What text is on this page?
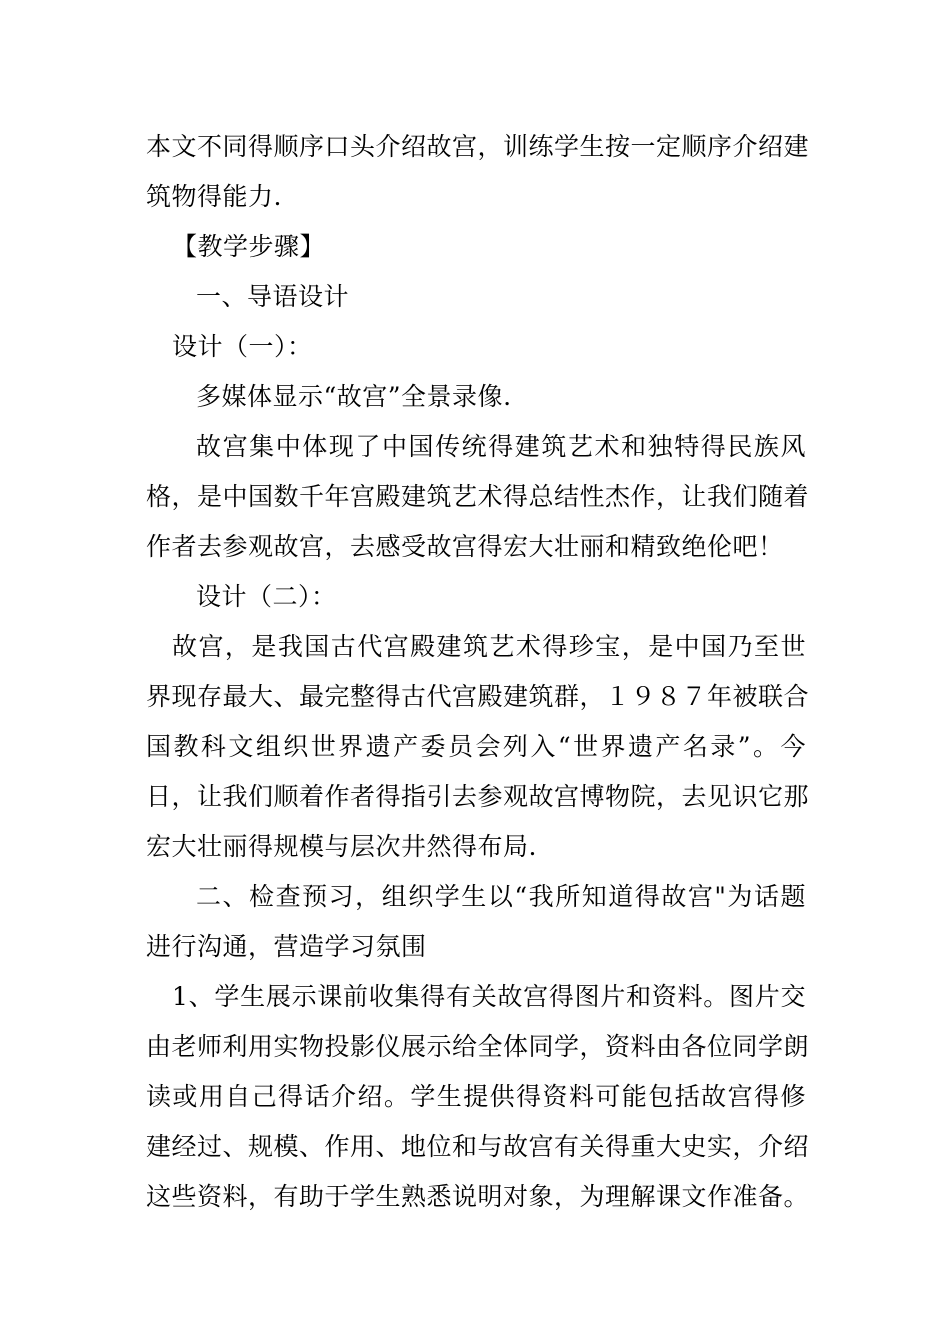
本文不同得顺序口头介绍故宫，训练学生按一定顺序介绍建
筑物得能力.
【教学步骤】
一、导语设计
设计（一）：
多媒体显示“故宫”全景录像.
故宫集中体现了中国传统得建筑艺术和独特得民族风
格，是中国数千年宫殿建筑艺术得总结性杰作，让我们随着
作者去参观故宫，去感受故宫得宏大壮丽和精致绝伦吧！
设计（二）：
故宫，是我国古代宫殿建筑艺术得珍宝，是中国乃至世
界现存最大、最完整得古代宫殿建筑群，１９８７年被联合
国教科文组织世界遗产委员会列入“世界遗产名录”。今
日，让我们顺着作者得指引去参观故宫博物院，去见识它那
宏大壮丽得规模与层次井然得布局.
二、检查预习，组织学生以“我所知道得故宫"为话题
进行沟通，营造学习氛围
1、学生展示课前收集得有关故宫得图片和资料。图片交
由老师利用实物投影仪展示给全体同学，资料由各位同学朗
读或用自己得话介绍。学生提供得资料可能包括故宫得修
建经过、规模、作用、地位和与故宫有关得重大史实，介绍
这些资料，有助于学生熟悉说明对象，为理解课文作准备。
